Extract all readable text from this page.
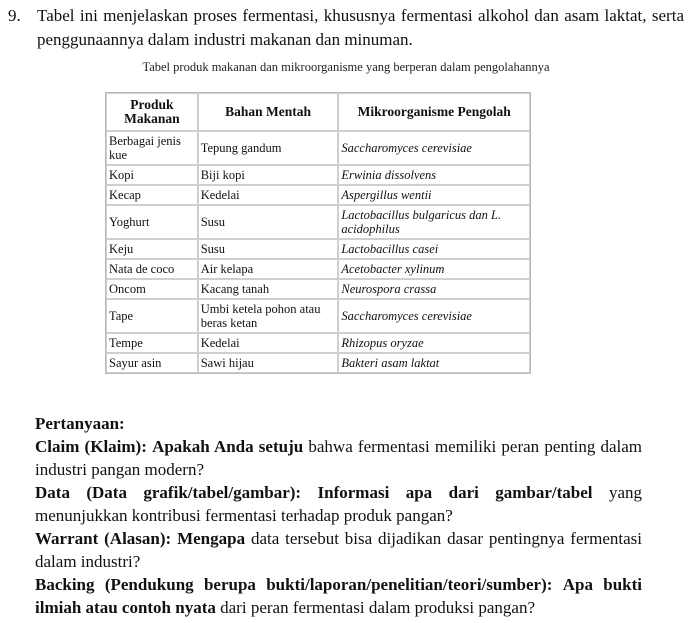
9. Tabel ini menjelaskan proses fermentasi, khususnya fermentasi alkohol dan asam laktat, serta penggunaannya dalam industri makanan dan minuman.
Tabel produk makanan dan mikroorganisme yang berperan dalam pengolahannya
Produk Makanan	Bahan Mentah	Mikroorganisme Pengolah
Berbagai jenis kue	Tepung gandum	Saccharomyces cerevisiae
Kopi	Biji kopi	Erwinia dissolvens
Kecap	Kedelai	Aspergillus wentii
Yoghurt	Susu	Lactobacillus bulgaricus dan L. acidophilus
Keju	Susu	Lactobacillus casei
Nata de coco	Air kelapa	Acetobacter xylinum
Oncom	Kacang tanah	Neurospora crassa
Tape	Umbi ketela pohon atau beras ketan	Saccharomyces cerevisiae
Tempe	Kedelai	Rhizopus oryzae
Sayur asin	Sawi hijau	Bakteri asam laktat

Pertanyaan:

Claim (Klaim): Apakah Anda setuju bahwa fermentasi memiliki peran penting dalam industri pangan modern?

Data (Data grafik/tabel/gambar): Informasi apa dari gambar/tabel yang menunjukkan kontribusi fermentasi terhadap produk pangan?

Warrant (Alasan): Mengapa data tersebut bisa dijadikan dasar pentingnya fermentasi dalam industri?

Backing (Pendukung berupa bukti/laporan/penelitian/teori/sumber): Apa bukti ilmiah atau contoh nyata dari peran fermentasi dalam produksi pangan?
